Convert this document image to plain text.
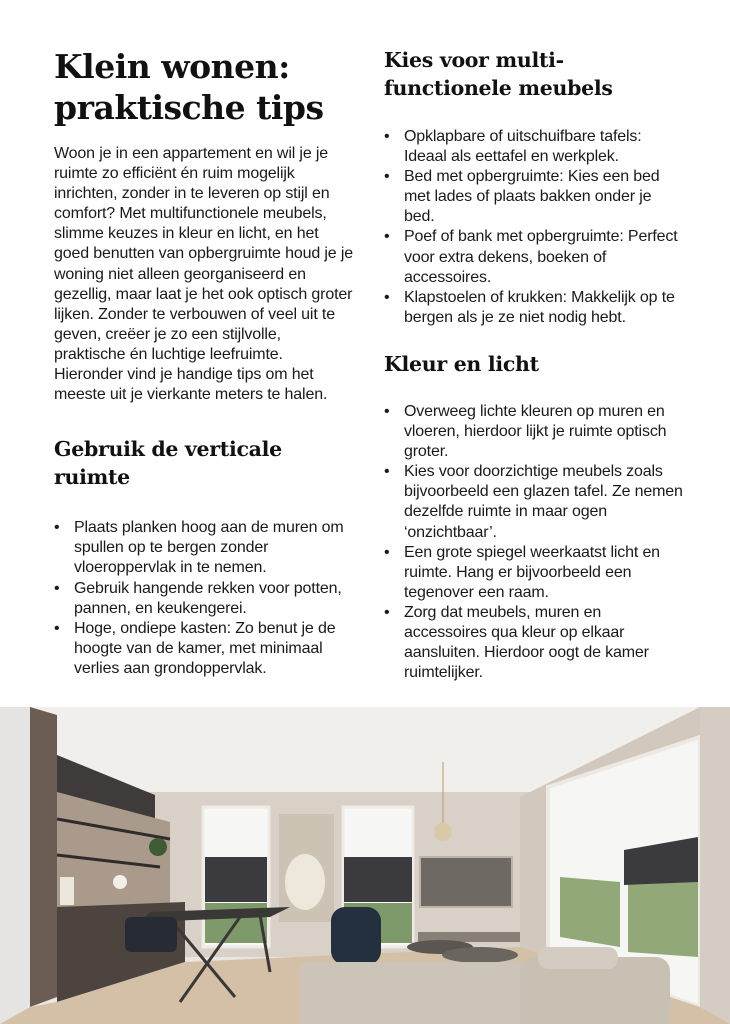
Klein wonen: praktische tips

Woon je in een appartement en wil je je ruimte zo efficiënt én ruim mogelijk inrichten, zonder in te leveren op stijl en comfort? Met multifunctionele meubels, slimme keuzes in kleur en licht, en het goed benutten van opbergruimte houd je je woning niet alleen georganiseerd en gezellig, maar laat je het ook optisch groter lijken. Zonder te verbouwen of veel uit te geven, creëer je zo een stijlvolle, praktische én luchtige leefruimte. Hieronder vind je handige tips om het meeste uit je vierkante meters te halen.

Gebruik de verticale ruimte
• Plaats planken hoog aan de muren om spullen op te bergen zonder vloeroppervlak in te nemen.
• Gebruik hangende rekken voor potten, pannen, en keukengerei.
• Hoge, ondiepe kasten: Zo benut je de hoogte van de kamer, met minimaal verlies aan grondoppervlak.
Kies voor multi-functionele meubels
• Opklapbare of uitschuifbare tafels: Ideaal als eettafel en werkplek.
• Bed met opbergruimte: Kies een bed met lades of plaats bakken onder je bed.
• Poef of bank met opbergruimte: Perfect voor extra dekens, boeken of accessoires.
• Klapstoelen of krukken: Makkelijk op te bergen als je ze niet nodig hebt.
Kleur en licht
• Overweeg lichte kleuren op muren en vloeren, hierdoor lijkt je ruimte optisch groter.
• Kies voor doorzichtige meubels zoals bijvoorbeeld een glazen tafel. Ze nemen dezelfde ruimte in maar ogen ‘onzichtbaar’.
• Een grote spiegel weerkaatst licht en ruimte. Hang er bijvoorbeeld een tegenover een raam.
• Zorg dat meubels, muren en accessoires qua kleur op elkaar aansluiten. Hierdoor oogt de kamer ruimtelijker.
